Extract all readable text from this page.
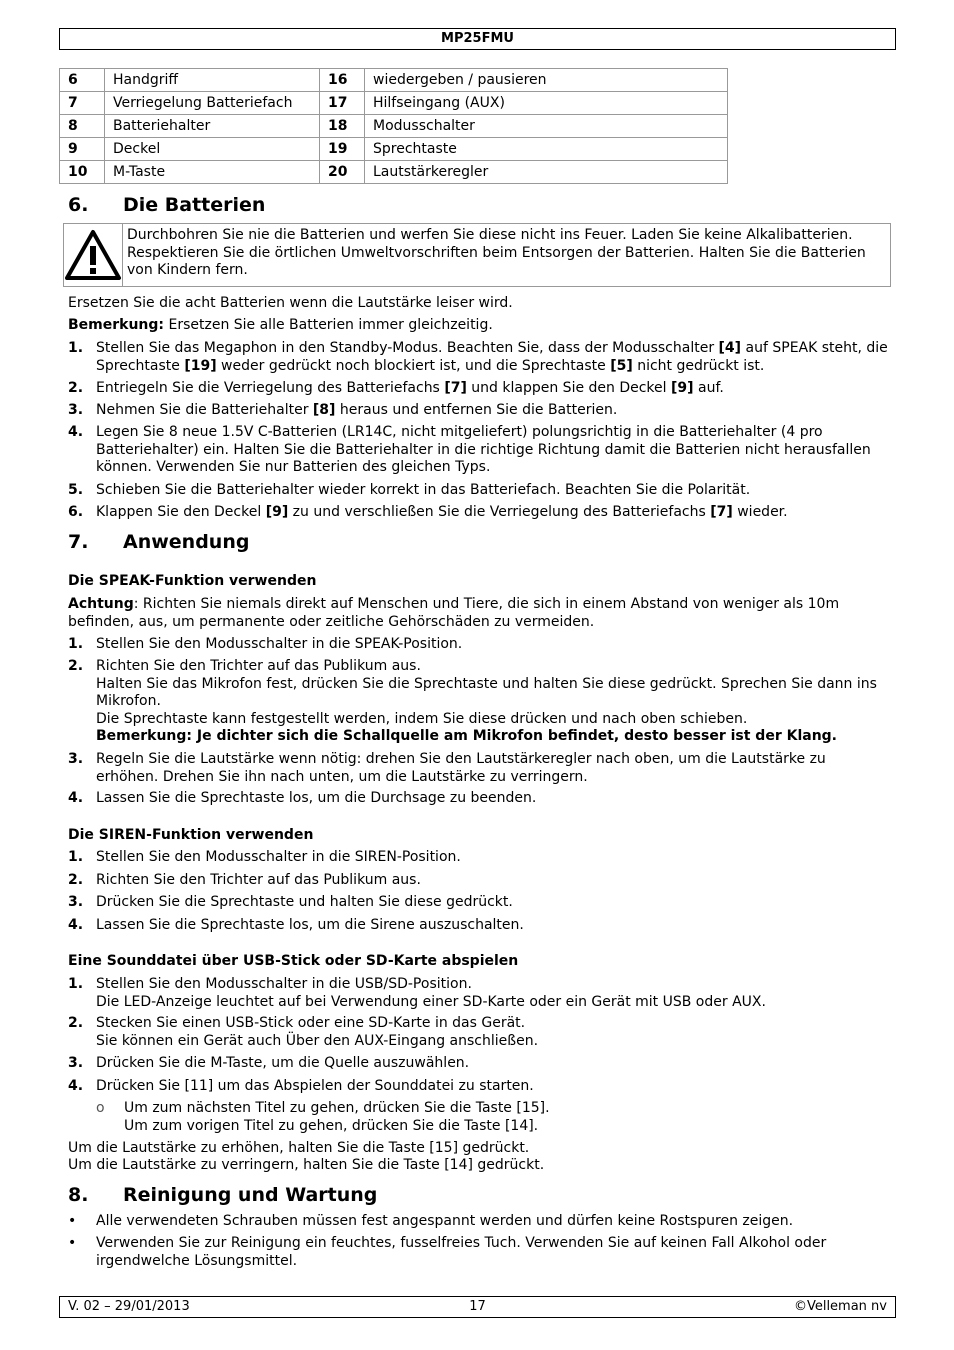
MP25FMU
6	Handgriff	16	wiedergeben / pausieren
7	Verriegelung Batteriefach	17	Hilfseingang (AUX)
8	Batteriehalter	18	Modusschalter
9	Deckel	19	Sprechtaste
10	M-Taste	20	Lautstärkeregler
6. Die Batterien
Durchbohren Sie nie die Batterien und werfen Sie diese nicht ins Feuer. Laden Sie keine Alkalibatterien. Respektieren Sie die örtlichen Umweltvorschriften beim Entsorgen der Batterien. Halten Sie die Batterien von Kindern fern.

Ersetzen Sie die acht Batterien wenn die Lautstärke leiser wird.

Bemerkung: Ersetzen Sie alle Batterien immer gleichzeitig.

1. Stellen Sie das Megaphon in den Standby-Modus. Beachten Sie, dass der Modusschalter [4] auf SPEAK steht, die Sprechtaste [19] weder gedrückt noch blockiert ist, und die Sprechtaste [5] nicht gedrückt ist.
2. Entriegeln Sie die Verriegelung des Batteriefachs [7] und klappen Sie den Deckel [9] auf.
3. Nehmen Sie die Batteriehalter [8] heraus und entfernen Sie die Batterien.
4. Legen Sie 8 neue 1.5V C-Batterien (LR14C, nicht mitgeliefert) polungsrichtig in die Batteriehalter (4 pro Batteriehalter) ein. Halten Sie die Batteriehalter in die richtige Richtung damit die Batterien nicht herausfallen können. Verwenden Sie nur Batterien des gleichen Typs.
5. Schieben Sie die Batteriehalter wieder korrekt in das Batteriefach. Beachten Sie die Polarität.
6. Klappen Sie den Deckel [9] zu und verschließen Sie die Verriegelung des Batteriefachs [7] wieder.
7. Anwendung

Die SPEAK-Funktion verwenden

Achtung: Richten Sie niemals direkt auf Menschen und Tiere, die sich in einem Abstand von weniger als 10m befinden, aus, um permanente oder zeitliche Gehörschäden zu vermeiden.

1. Stellen Sie den Modusschalter in die SPEAK-Position.
2. Richten Sie den Trichter auf das Publikum aus.
Halten Sie das Mikrofon fest, drücken Sie die Sprechtaste und halten Sie diese gedrückt. Sprechen Sie dann ins Mikrofon.
Die Sprechtaste kann festgestellt werden, indem Sie diese drücken und nach oben schieben.
Bemerkung: Je dichter sich die Schallquelle am Mikrofon befindet, desto besser ist der Klang.
3. Regeln Sie die Lautstärke wenn nötig: drehen Sie den Lautstärkeregler nach oben, um die Lautstärke zu erhöhen. Drehen Sie ihn nach unten, um die Lautstärke zu verringern.
4. Lassen Sie die Sprechtaste los, um die Durchsage zu beenden.

Die SIREN-Funktion verwenden

1. Stellen Sie den Modusschalter in die SIREN-Position.
2. Richten Sie den Trichter auf das Publikum aus.
3. Drücken Sie die Sprechtaste und halten Sie diese gedrückt.
4. Lassen Sie die Sprechtaste los, um die Sirene auszuschalten.

Eine Sounddatei über USB-Stick oder SD-Karte abspielen

1. Stellen Sie den Modusschalter in die USB/SD-Position.
Die LED-Anzeige leuchtet auf bei Verwendung einer SD-Karte oder ein Gerät mit USB oder AUX.
2. Stecken Sie einen USB-Stick oder eine SD-Karte in das Gerät.
Sie können ein Gerät auch Über den AUX-Eingang anschließen.
3. Drücken Sie die M-Taste, um die Quelle auszuwählen.
4. Drücken Sie [11] um das Abspielen der Sounddatei zu starten.
o	Um zum nächsten Titel zu gehen, drücken Sie die Taste [15].
Um zum vorigen Titel zu gehen, drücken Sie die Taste [14].

Um die Lautstärke zu erhöhen, halten Sie die Taste [15] gedrückt.

Um die Lautstärke zu verringern, halten Sie die Taste [14] gedrückt.

8. Reinigung und Wartung
•	Alle verwendeten Schrauben müssen fest angespannt werden und dürfen keine Rostspuren zeigen.
•	Verwenden Sie zur Reinigung ein feuchtes, fusselfreies Tuch. Verwenden Sie auf keinen Fall Alkohol oder irgendwelche Lösungsmittel.
V. 02 – 29/01/2013	17	©Velleman nv
